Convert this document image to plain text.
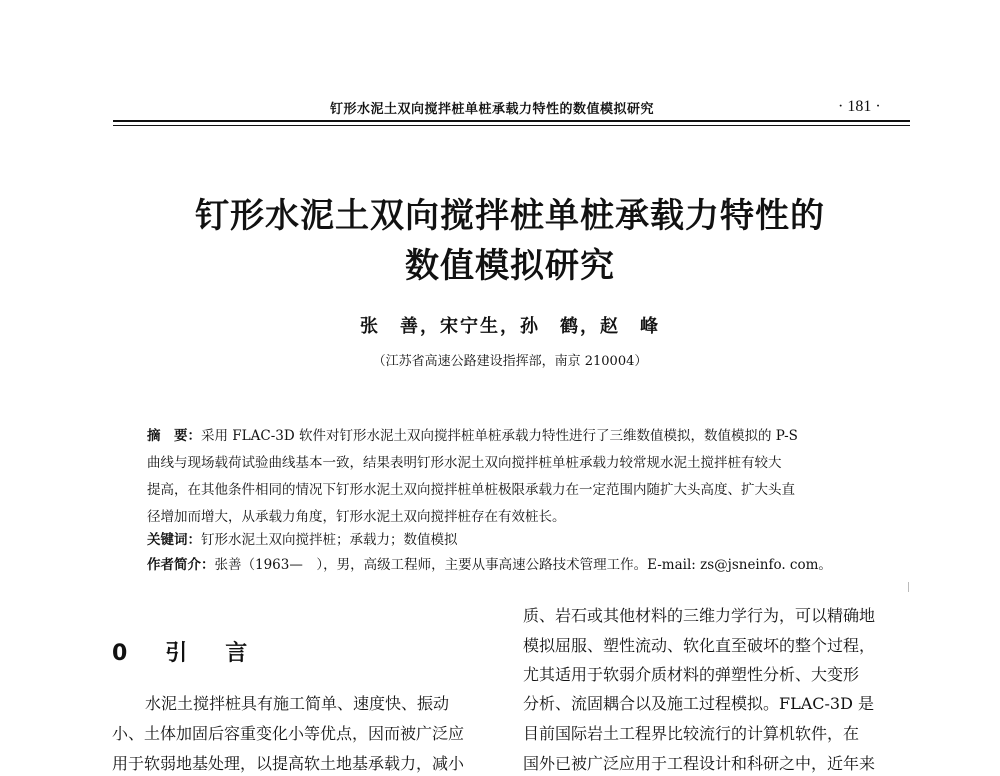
钉形水泥土双向搅拌桩单桩承载力特性的数值模拟研究	· 181 ·
钉形水泥土双向搅拌桩单桩承载力特性的
数值模拟研究
张　善，宋宁生，孙　鹤，赵　峰
（江苏省高速公路建设指挥部，南京 210004）
摘　要：采用 FLAC-3D 软件对钉形水泥土双向搅拌桩单桩承载力特性进行了三维数值模拟，数值模拟的 P-S
曲线与现场载荷试验曲线基本一致，结果表明钉形水泥土双向搅拌桩单桩承载力较常规水泥土搅拌桩有较大
提高，在其他条件相同的情况下钉形水泥土双向搅拌桩单桩极限承载力在一定范围内随扩大头高度、扩大头直
径增加而增大，从承载力角度，钉形水泥土双向搅拌桩存在有效桩长。
关键词：钉形水泥土双向搅拌桩；承载力；数值模拟
作者简介：张善（1963—　），男，高级工程师，主要从事高速公路技术管理工作。E-mail: zs@jsneinfo. com。
0　引　言
水泥土搅拌桩具有施工简单、速度快、振动
小、土体加固后容重变化小等优点，因而被广泛应
用于软弱地基处理，以提高软土地基承载力，减小
质、岩石或其他材料的三维力学行为，可以精确地
模拟屈服、塑性流动、软化直至破坏的整个过程，
尤其适用于软弱介质材料的弹塑性分析、大变形
分析、流固耦合以及施工过程模拟。FLAC-3D 是
目前国际岩土工程界比较流行的计算机软件，在
国外已被广泛应用于工程设计和科研之中，近年来
